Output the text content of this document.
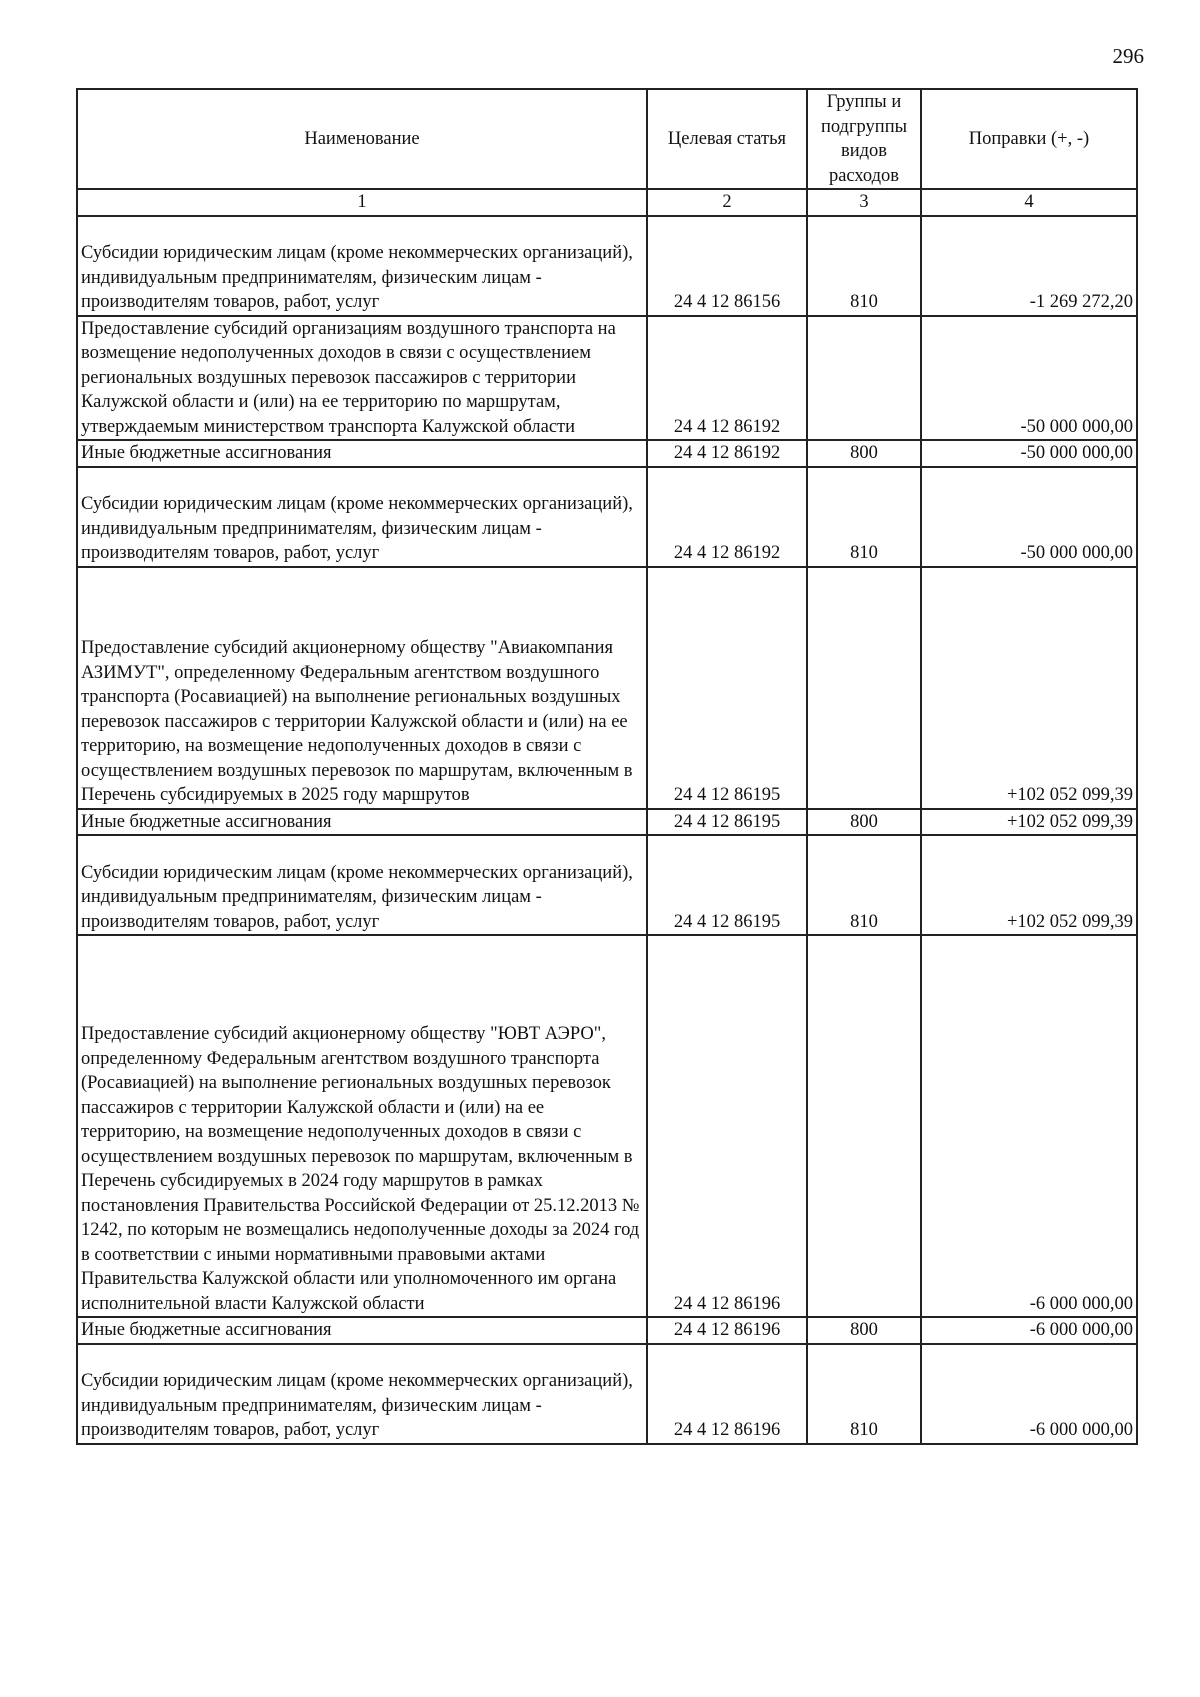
296
Наименование	Целевая статья	Группы и подгруппы видов расходов	Поправки (+, -)
1	2	3	4
Субсидии юридическим лицам (кроме некоммерческих организаций), индивидуальным предпринимателям, физическим лицам - производителям товаров, работ, услуг	24 4 12 86156	810	-1 269 272,20
Предоставление субсидий организациям воздушного транспорта на возмещение недополученных доходов в связи с осуществлением региональных воздушных перевозок пассажиров с территории Калужской области и (или) на ее территорию по маршрутам, утверждаемым министерством транспорта Калужской области	24 4 12 86192		-50 000 000,00
Иные бюджетные ассигнования	24 4 12 86192	800	-50 000 000,00
Субсидии юридическим лицам (кроме некоммерческих организаций), индивидуальным предпринимателям, физическим лицам - производителям товаров, работ, услуг	24 4 12 86192	810	-50 000 000,00
Предоставление субсидий акционерному обществу "Авиакомпания АЗИМУТ", определенному Федеральным агентством воздушного транспорта (Росавиацией) на выполнение региональных воздушных перевозок пассажиров с территории Калужской области и (или) на ее территорию, на возмещение недополученных доходов в связи с осуществлением воздушных перевозок по маршрутам, включенным в Перечень субсидируемых в 2025 году маршрутов	24 4 12 86195		+102 052 099,39
Иные бюджетные ассигнования	24 4 12 86195	800	+102 052 099,39
Субсидии юридическим лицам (кроме некоммерческих организаций), индивидуальным предпринимателям, физическим лицам - производителям товаров, работ, услуг	24 4 12 86195	810	+102 052 099,39
Предоставление субсидий акционерному обществу "ЮВТ АЭРО", определенному Федеральным агентством воздушного транспорта (Росавиацией) на выполнение региональных воздушных перевозок пассажиров с территории Калужской области и (или) на ее территорию, на возмещение недополученных доходов в связи с осуществлением воздушных перевозок по маршрутам, включенным в Перечень субсидируемых в 2024 году маршрутов в рамках постановления Правительства Российской Федерации от 25.12.2013 № 1242, по которым не возмещались недополученные доходы за 2024 год в соответствии с иными нормативными правовыми актами Правительства Калужской области или уполномоченного им органа исполнительной власти Калужской области	24 4 12 86196		-6 000 000,00
Иные бюджетные ассигнования	24 4 12 86196	800	-6 000 000,00
Субсидии юридическим лицам (кроме некоммерческих организаций), индивидуальным предпринимателям, физическим лицам - производителям товаров, работ, услуг	24 4 12 86196	810	-6 000 000,00
